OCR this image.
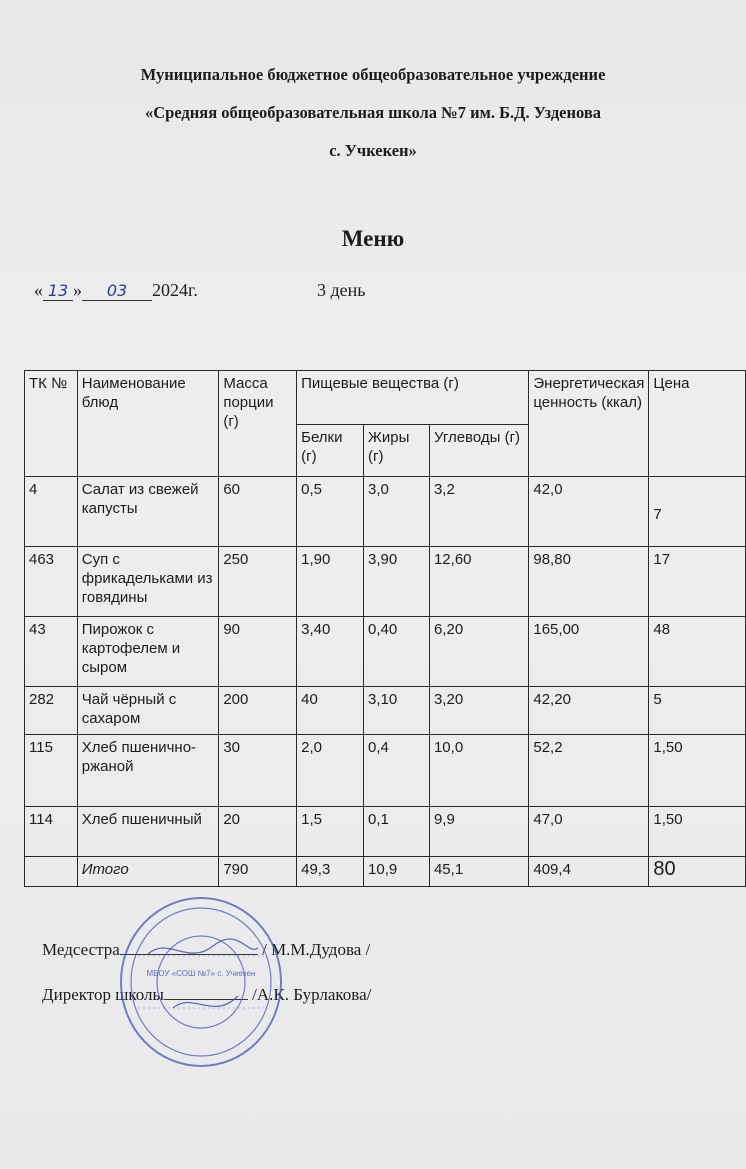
Муниципальное бюджетное общеобразовательное учреждение
«Средняя общеобразовательная школа №7 им. Б.Д. Узденова
с. Учкекен»
Меню
« 13 » 03 2024г.	3 день
ТК №	Наименование блюд	Масса порции (г)	Пищевые вещества (г)			Энергетическая ценность (ккал)	Цена
			Белки (г)	Жиры (г)	Углеводы (г)		
4	Салат из свежей капусты	60	0,5	3,0	3,2	42,0	7
463	Суп с фрикадельками из говядины	250	1,90	3,90	12,60	98,80	17
43	Пирожок с картофелем и сыром	90	3,40	0,40	6,20	165,00	48
282	Чай чёрный с сахаром	200	40	3,10	3,20	42,20	5
115	Хлеб пшенично-ржаной	30	2,0	0,4	10,0	52,2	1,50
114	Хлеб пшеничный	20	1,5	0,1	9,9	47,0	1,50
	Итого	790	49,3	10,9	45,1	409,4	80
Медсестра	/ М.М.Дудова /
Директор школы	/А.К. Бурлакова/
МБОУ «СОШ №7» с. Учкекен
